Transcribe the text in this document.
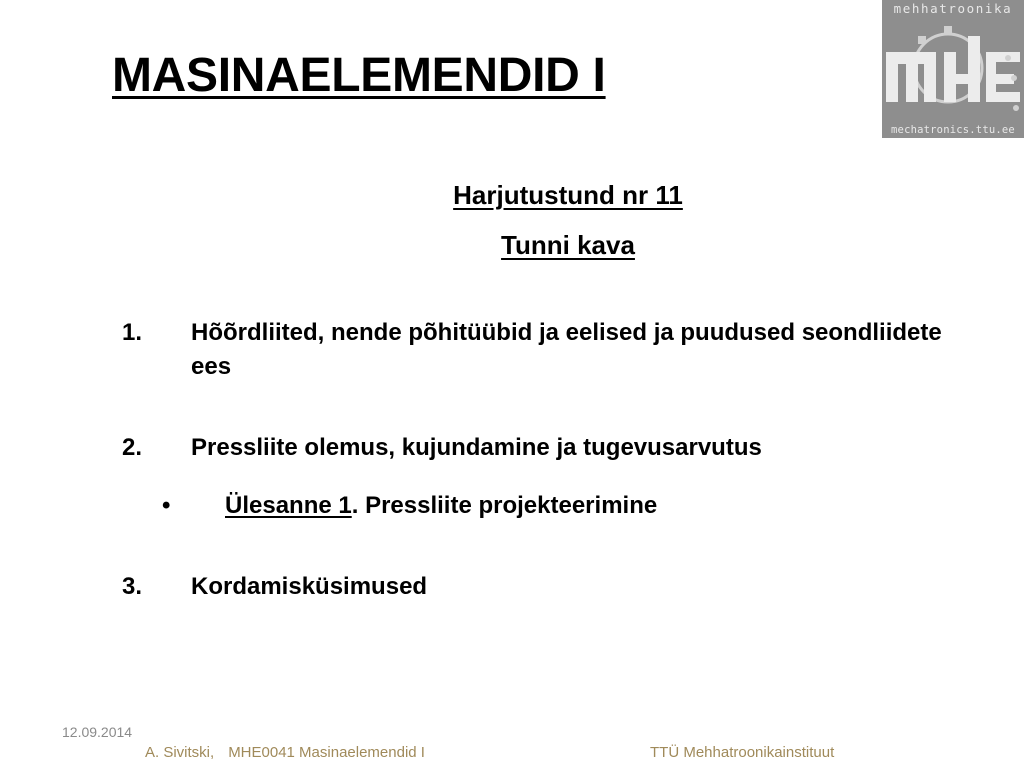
MASINAELEMENDID I
mehhatroonika
mechatronics.ttu.ee
Harjutustund nr 11
Tunni kava
1. Hõõrdliited, nende põhitüübid ja eelised ja puudused seondliidete ees
2. Pressliite olemus, kujundamine ja tugevusarvutus
• Ülesanne 1. Pressliite projekteerimine
3. Kordamisküsimused
12.09.2014
A. Sivitski, MHE0041 Masinaelemendid I	TTÜ Mehhatroonikainstituut
